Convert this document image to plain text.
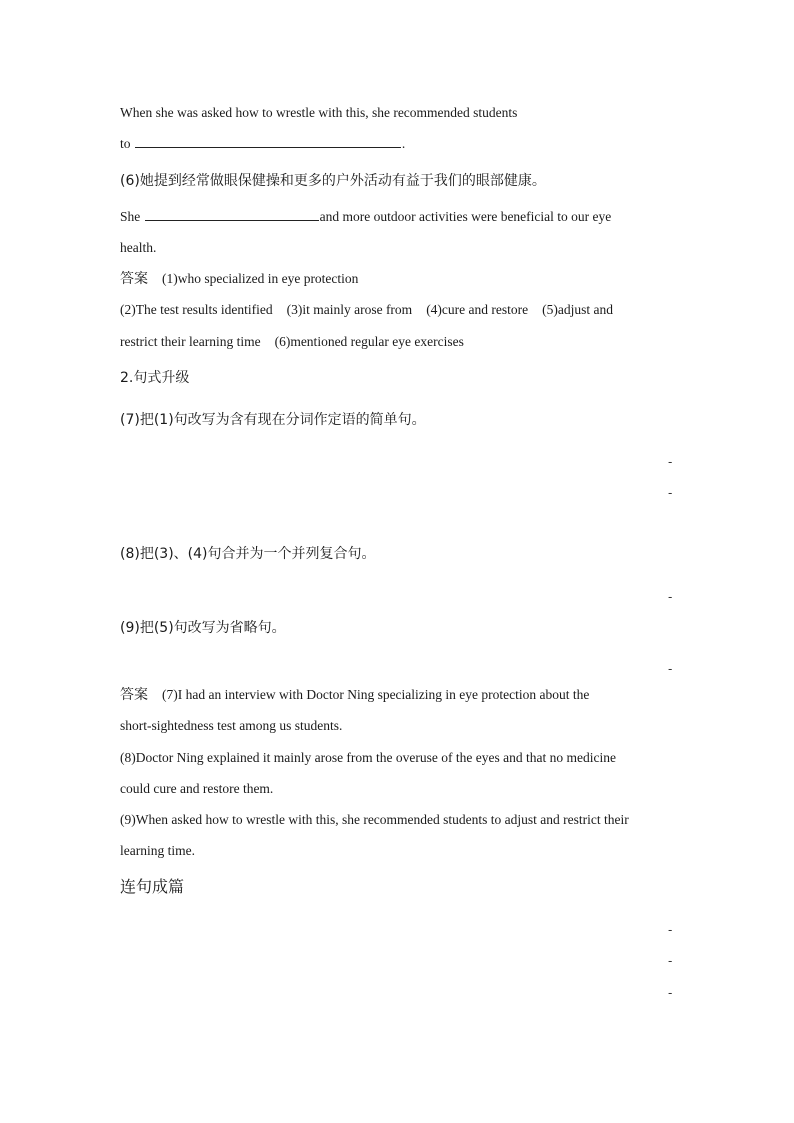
When she was asked how to wrestle with this, she recommended students

to	.

(6)她提到经常做眼保健操和更多的户外活动有益于我们的眼部健康。

She	and more outdoor activities were beneficial to our eye

health.

答案 (1)who specialized in eye protection

(2)The test results identified (3)it mainly arose from (4)cure and restore (5)adjust and

restrict their learning time (6)mentioned regular eye exercises

2.句式升级

(7)把(1)句改写为含有现在分词作定语的简单句。

-
-

(8)把(3)、(4)句合并为一个并列复合句。

-

(9)把(5)句改写为省略句。

-

答案 (7)I had an interview with Doctor Ning specializing in eye protection about the

short-sightedness test among us students.

(8)Doctor Ning explained it mainly arose from the overuse of the eyes and that no medicine

could cure and restore them.

(9)When asked how to wrestle with this, she recommended students to adjust and restrict their

learning time.

连句成篇

-
-
-
